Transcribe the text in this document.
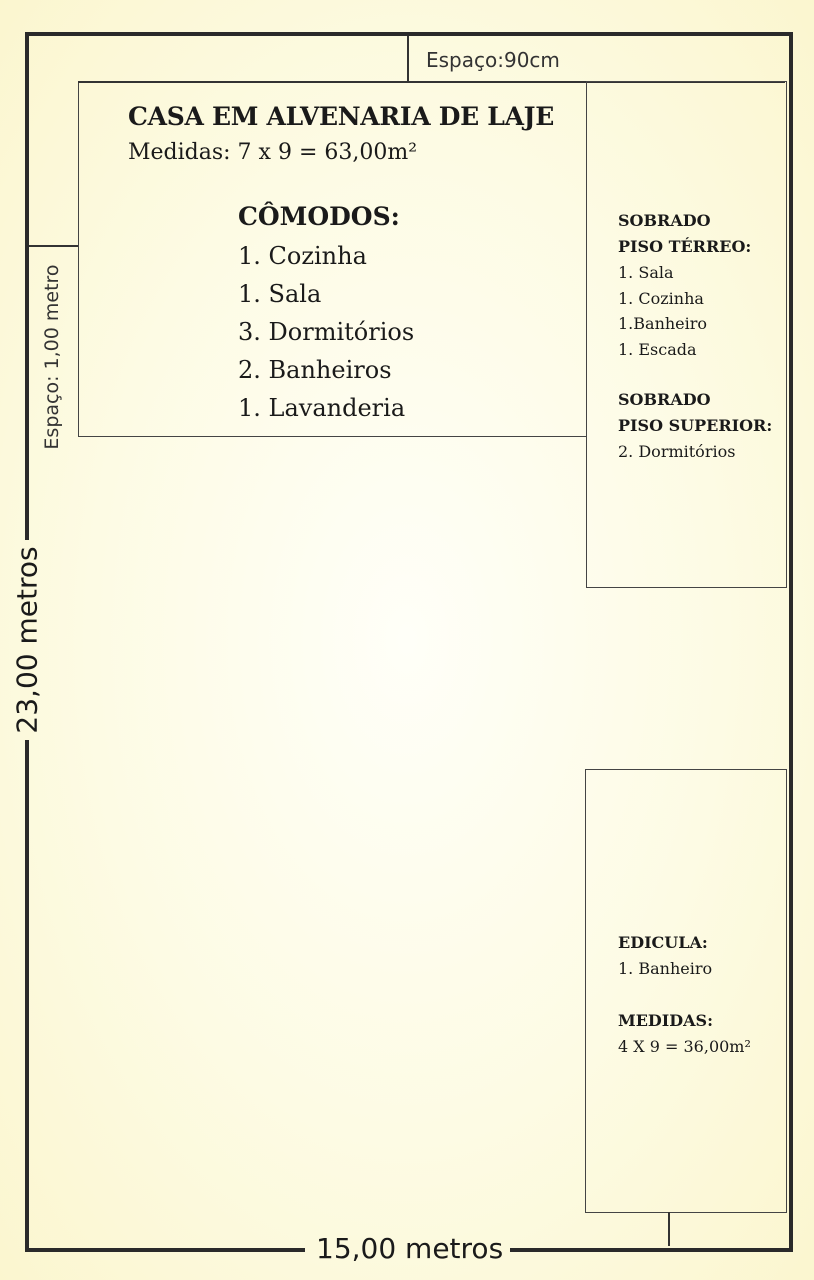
23,00 metros
15,00 metros
Espaço:90cm
Espaço: 1,00 metro
CASA EM ALVENARIA DE LAJE
Medidas: 7 x 9 = 63,00m²
CÔMODOS:
1. Cozinha
1. Sala
3. Dormitórios
2. Banheiros
1. Lavanderia
SOBRADO
PISO TÉRREO:
1. Sala
1. Cozinha
1.Banheiro
1. Escada
SOBRADO
PISO SUPERIOR:
2. Dormitórios
EDICULA:
1. Banheiro
MEDIDAS:
4 X 9 = 36,00m²
